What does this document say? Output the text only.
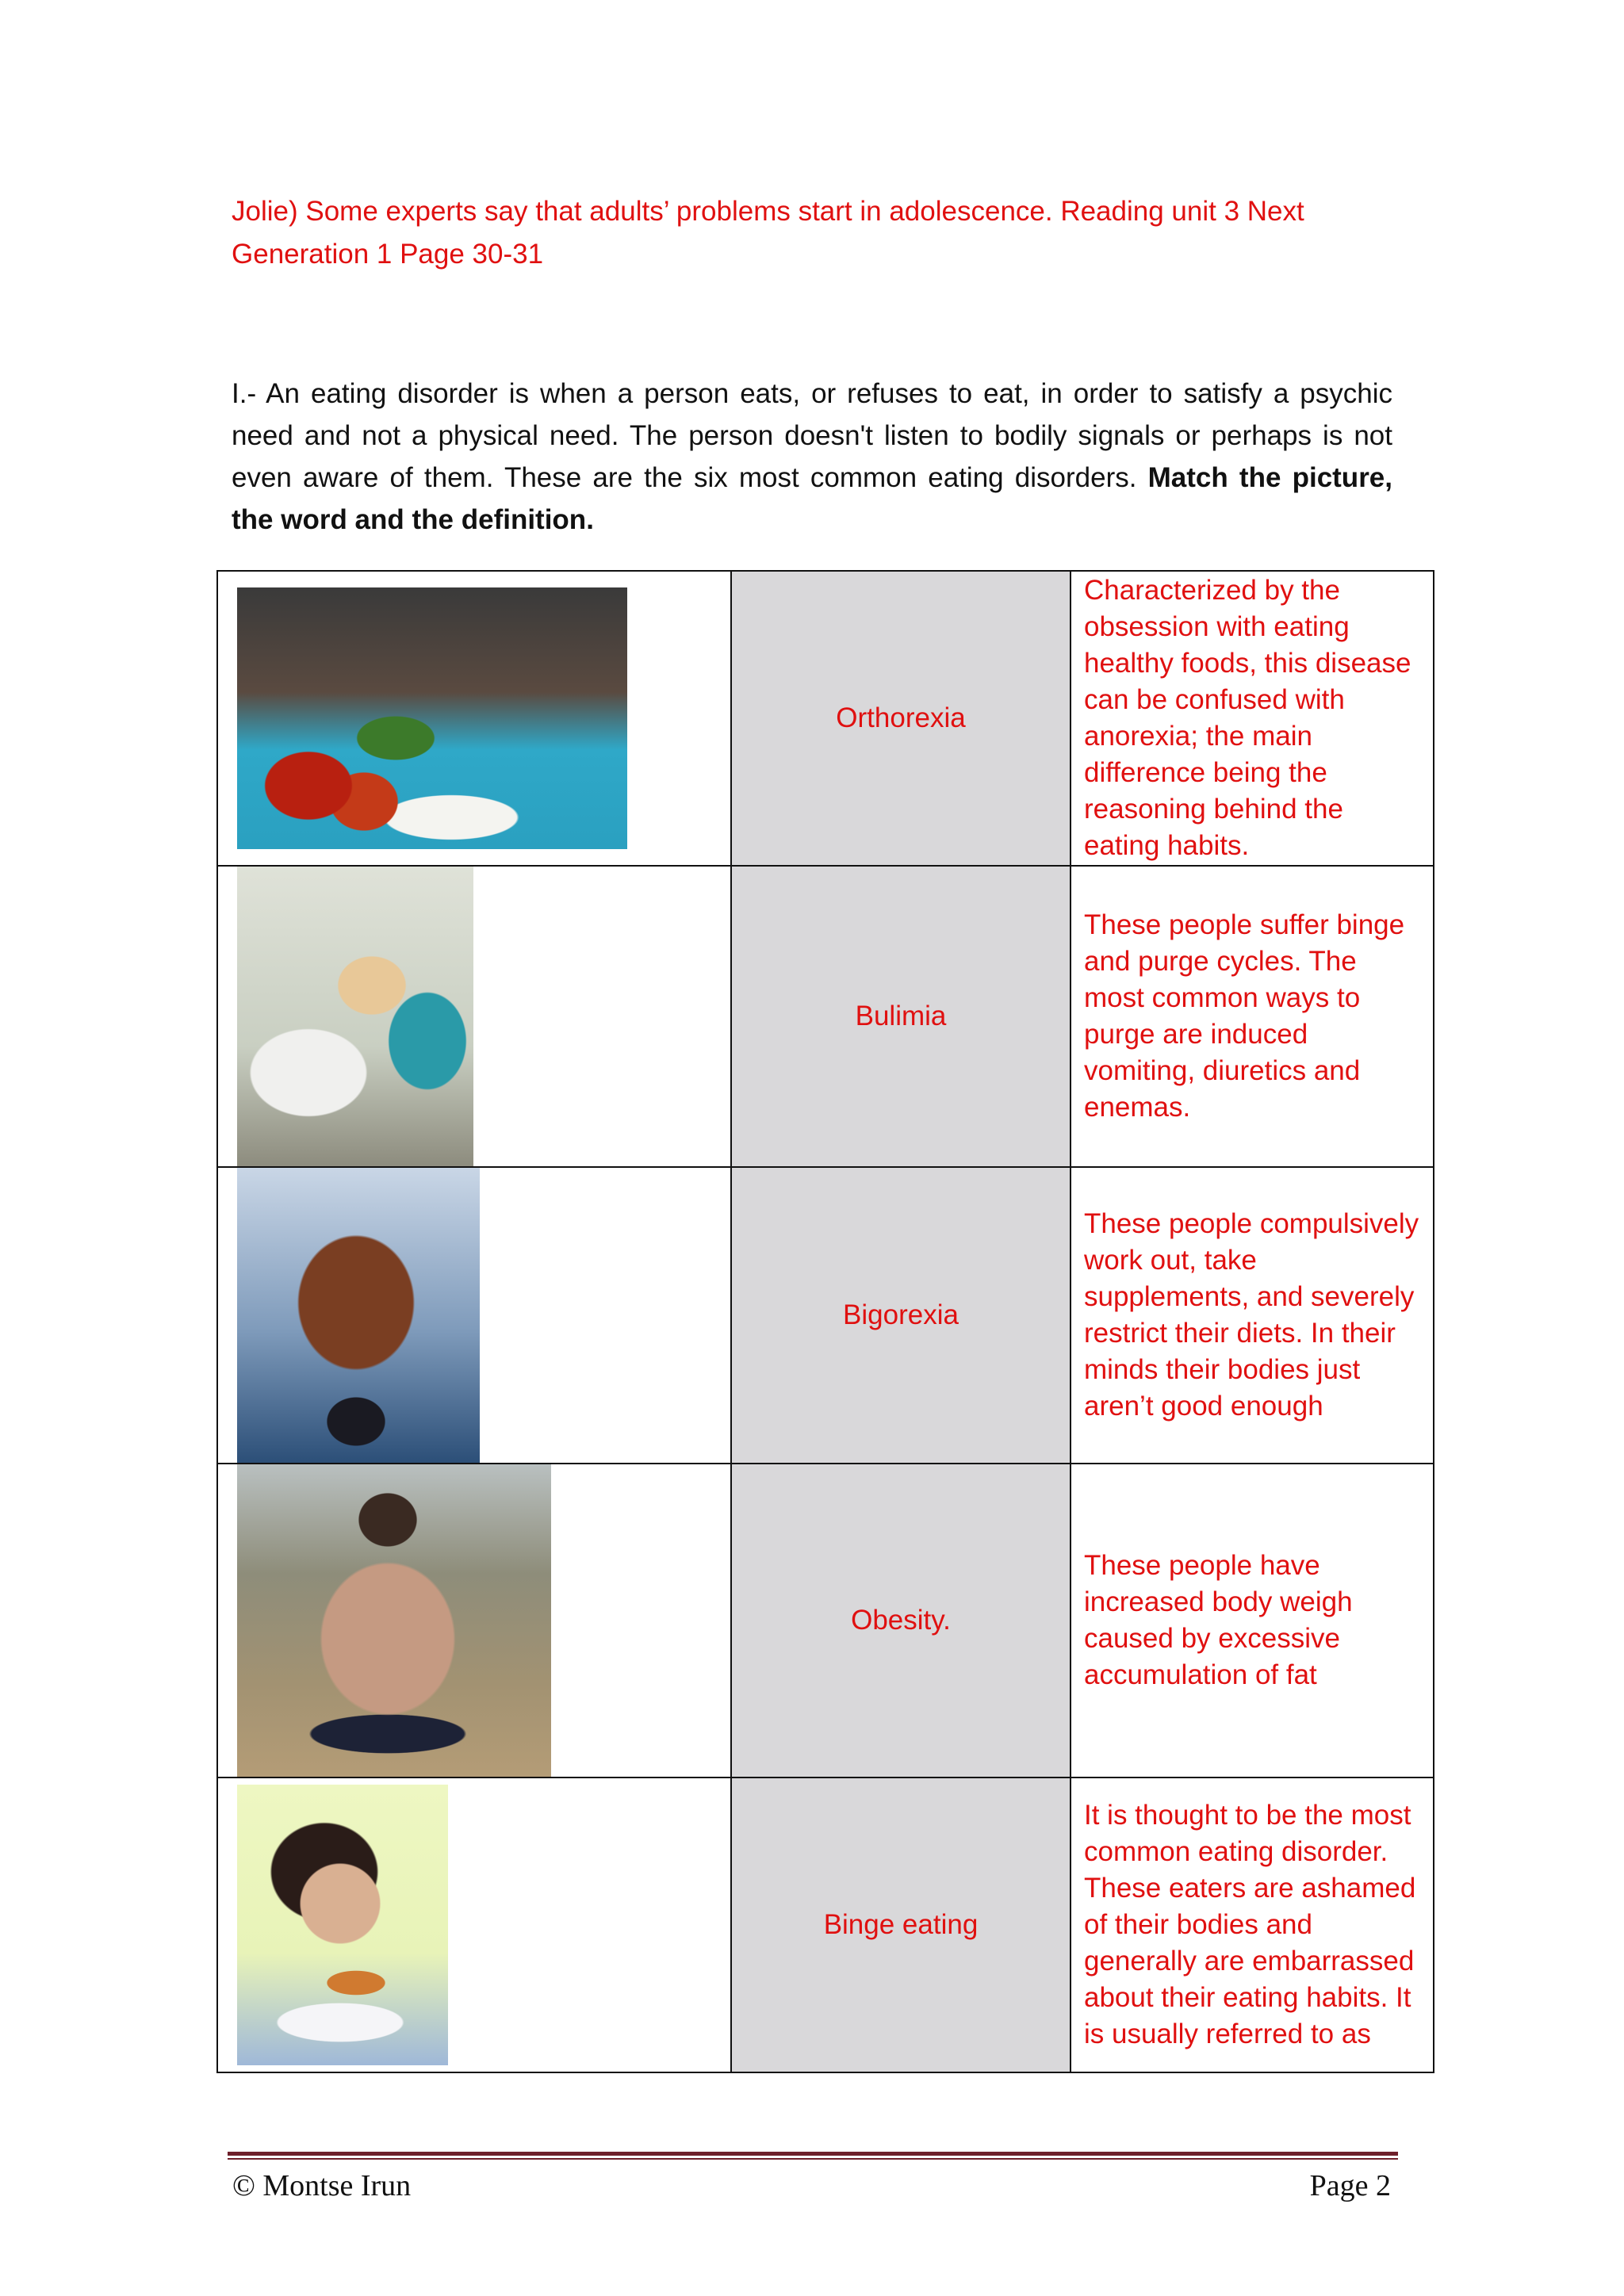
Jolie) Some experts say that adults’ problems start in adolescence. Reading unit 3 Next
Generation 1 Page 30-31
I.- An eating disorder is when a person eats, or refuses to eat, in order to satisfy a psychic need and not a physical need. The person doesn't listen to bodily signals or perhaps is not even aware of them. These are the six most common eating disorders. Match the picture, the word and the definition.
	Orthorexia	Characterized by the obsession with eating healthy foods, this disease can be confused with anorexia; the main difference being the reasoning behind the eating habits.

	Bulimia	These people suffer binge and purge cycles. The most common ways to purge are induced vomiting, diuretics and enemas.

	Bigorexia	These people compulsively work out, take supplements, and severely restrict their diets. In their minds their bodies just aren’t good enough

	Obesity.	These people have increased body weigh caused by excessive accumulation of fat

	Binge eating	It is thought to be the most common eating disorder. These eaters are ashamed of their bodies and generally are embarrassed about their eating habits. It is usually referred to as
© Montse Irun	Page 2
